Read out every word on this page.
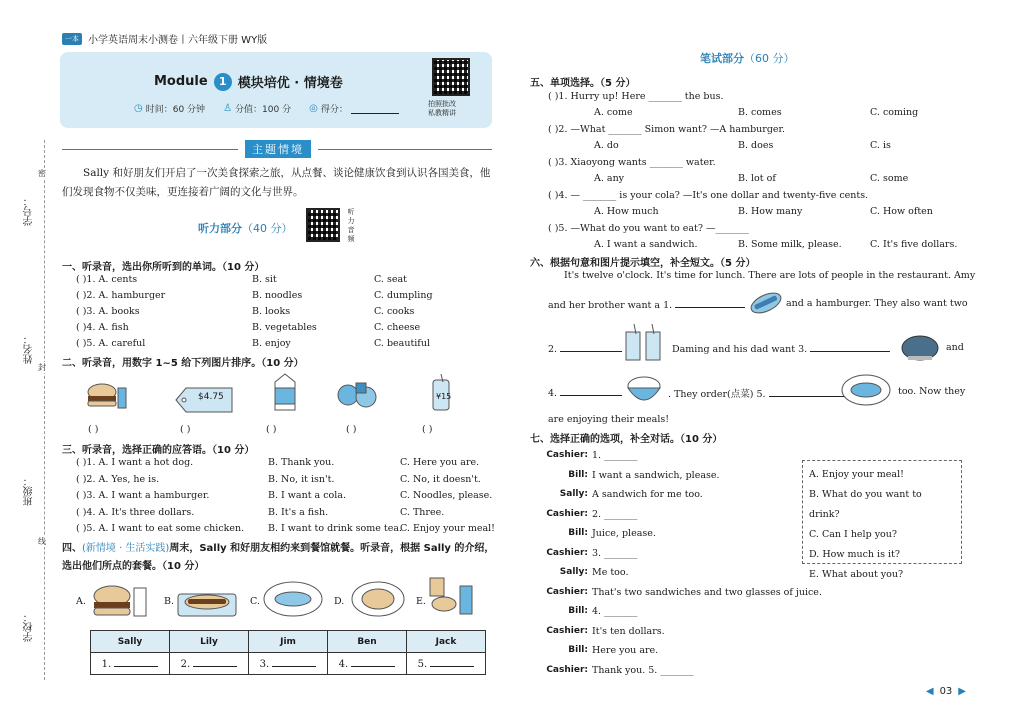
密
封
线
学号：
姓名：
班级：
学校：
一本 小学英语周末小测卷丨六年级下册 WY版
Module	1 模块培优 · 情境卷
◷ 时间：60 分钟 ♙ 分值：100 分 ◎ 得分：
拍照批改
私教精讲
主题情境
Sally 和好朋友们开启了一次美食探索之旅，从点餐、谈论健康饮食到认识各国美食，他们发现食物不仅美味，更连接着广阔的文化与世界。
听力部分（40 分）
听力音频
一、听录音，选出你所听到的单词。（10 分）
( )1. A. cents	B. sit	C. seat
( )2. A. hamburger	B. noodles	C. dumpling
( )3. A. books	B. looks	C. cooks
( )4. A. fish	B. vegetables	C. cheese
( )5. A. careful	B. enjoy	C. beautiful
二、听录音，用数字 1~5 给下列图片排序。（10 分）
$4.75	¥15
( )	( )	( )	( )	( )
三、听录音，选择正确的应答语。（10 分）
( )1. A. I want a hot dog.	B. Thank you.	C. Here you are.
( )2. A. Yes, he is.	B. No, it isn't.	C. No, it doesn't.
( )3. A. I want a hamburger.	B. I want a cola.	C. Noodles, please.
( )4. A. It's three dollars.	B. It's a fish.	C. Three.
( )5. A. I want to eat some chicken.	B. I want to drink some tea.
C. Enjoy your meal!
四、(新情境 · 生活实践)周末，Sally 和好朋友相约来到餐馆就餐。听录音，根据 Sally 的介绍，选出他们所点的套餐。（10 分）
A.	B.	C.	D.	E.
Sally	Lily	Jim	Ben	Jack
1.	2.	3.	4.	5.
笔试部分（60 分）
五、单项选择。（5 分）
( )1. Hurry up! Here _______ the bus.
A. come	B. comes	C. coming
( )2. —What _______ Simon want? —A hamburger.
A. do	B. does	C. is
( )3. Xiaoyong wants _______ water.
A. any	B. lot of	C. some
( )4. — _______ is your cola? —It's one dollar and twenty-five cents.
A. How much	B. How many	C. How often
( )5. —What do you want to eat? —_______
A. I want a sandwich.	B. Some milk, please.	C. It's five dollars.
六、根据句意和图片提示填空，补全短文。（5 分）
It's twelve o'clock. It's time for lunch. There are lots of people in the restaurant. Amy
and her brother want a 1.	and a hamburger. They also want two
2.	Daming and his dad want 3.	and
4.	. They order(点菜) 5.	too. Now they
are enjoying their meals!
七、选择正确的选项，补全对话。（10 分）
Cashier: 1. _______
Bill: I want a sandwich, please.
Sally: A sandwich for me too.
Cashier: 2. _______
Bill: Juice, please.
Cashier: 3. _______
Sally: Me too.
Cashier: That's two sandwiches and two glasses of juice.
Bill: 4. _______
Cashier: It's ten dollars.
Bill: Here you are.
Cashier: Thank you. 5. _______
A. Enjoy your meal!
B. What do you want to drink?
C. Can I help you?
D. How much is it?
E. What about you?
◀ 03 ▶
